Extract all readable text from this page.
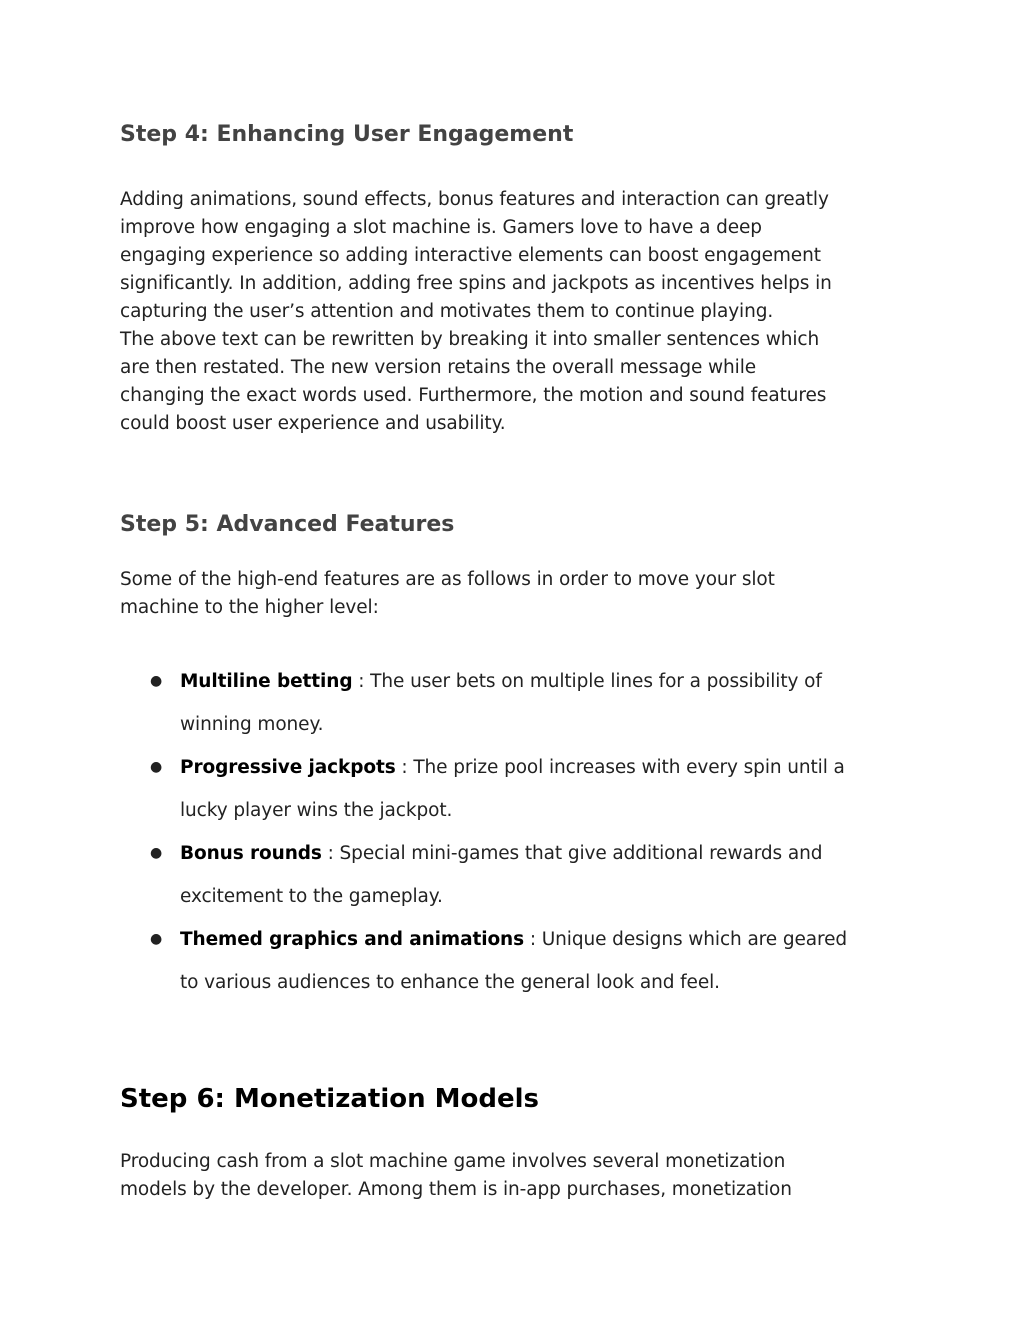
Step 4: Enhancing User Engagement

Adding animations, sound effects, bonus features and interaction can greatly
improve how engaging a slot machine is. Gamers love to have a deep
engaging experience so adding interactive elements can boost engagement
significantly. In addition, adding free spins and jackpots as incentives helps in
capturing the user’s attention and motivates them to continue playing.
The above text can be rewritten by breaking it into smaller sentences which
are then restated. The new version retains the overall message while
changing the exact words used. Furthermore, the motion and sound features
could boost user experience and usability.

Step 5: Advanced Features

Some of the high-end features are as follows in order to move your slot
machine to the higher level:

● Multiline betting : The user bets on multiple lines for a possibility of
winning money.
● Progressive jackpots : The prize pool increases with every spin until a
lucky player wins the jackpot.
● Bonus rounds : Special mini-games that give additional rewards and
excitement to the gameplay.
● Themed graphics and animations : Unique designs which are geared
to various audiences to enhance the general look and feel.
Step 6: Monetization Models

Producing cash from a slot machine game involves several monetization
models by the developer. Among them is in-app purchases, monetization
